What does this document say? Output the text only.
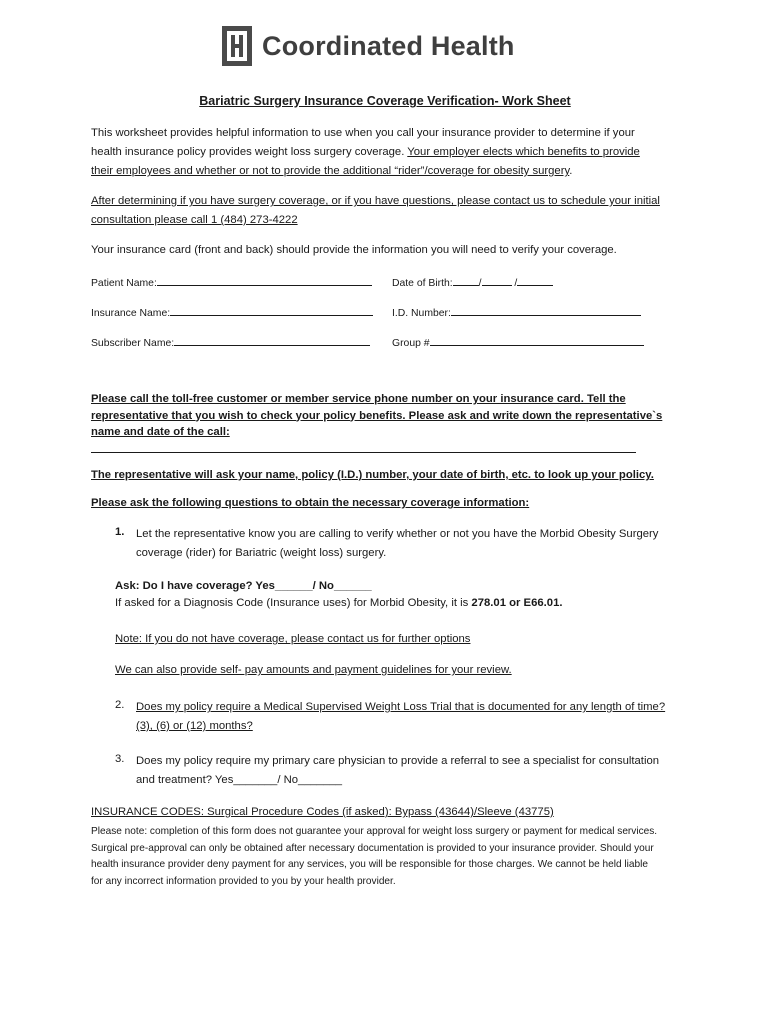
Coordinated Health
Bariatric Surgery Insurance Coverage Verification- Work Sheet
This worksheet provides helpful information to use when you call your insurance provider to determine if your
health insurance policy provides weight loss surgery coverage. Your employer elects which benefits to provide
their employees and whether or not to provide the additional “rider”/coverage for obesity surgery.
After determining if you have surgery coverage, or if you have questions, please contact us to schedule your initial
consultation please call 1 (484) 273-4222
Your insurance card (front and back) should provide the information you will need to verify your coverage.
Patient Name:	Date of Birth:	/	/
Insurance Name:	I.D. Number:
Subscriber Name:	Group #
Please call the toll-free customer or member service phone number on your insurance card. Tell the
representative that you wish to check your policy benefits. Please ask and write down the representative`s
name and date of the call:
The representative will ask your name, policy (I.D.) number, your date of birth, etc. to look up your policy.
Please ask the following questions to obtain the necessary coverage information:
1. Let the representative know you are calling to verify whether or not you have the Morbid Obesity Surgery
coverage (rider) for Bariatric (weight loss) surgery.
Ask: Do I have coverage? Yes______/ No______
If asked for a Diagnosis Code (Insurance uses) for Morbid Obesity, it is 278.01 or E66.01.
Note: If you do not have coverage, please contact us for further options
We can also provide self- pay amounts and payment guidelines for your review.
2. Does my policy require a Medical Supervised Weight Loss Trial that is documented for any length of time?
(3), (6) or (12) months?
3. Does my policy require my primary care physician to provide a referral to see a specialist for consultation
and treatment? Yes_______/ No_______
INSURANCE CODES: Surgical Procedure Codes (if asked): Bypass (43644)/Sleeve (43775)
Please note: completion of this form does not guarantee your approval for weight loss surgery or payment for medical services.
Surgical pre-approval can only be obtained after necessary documentation is provided to your insurance provider. Should your
health insurance provider deny payment for any services, you will be responsible for those charges. We cannot be held liable
for any incorrect information provided to you by your health provider.
